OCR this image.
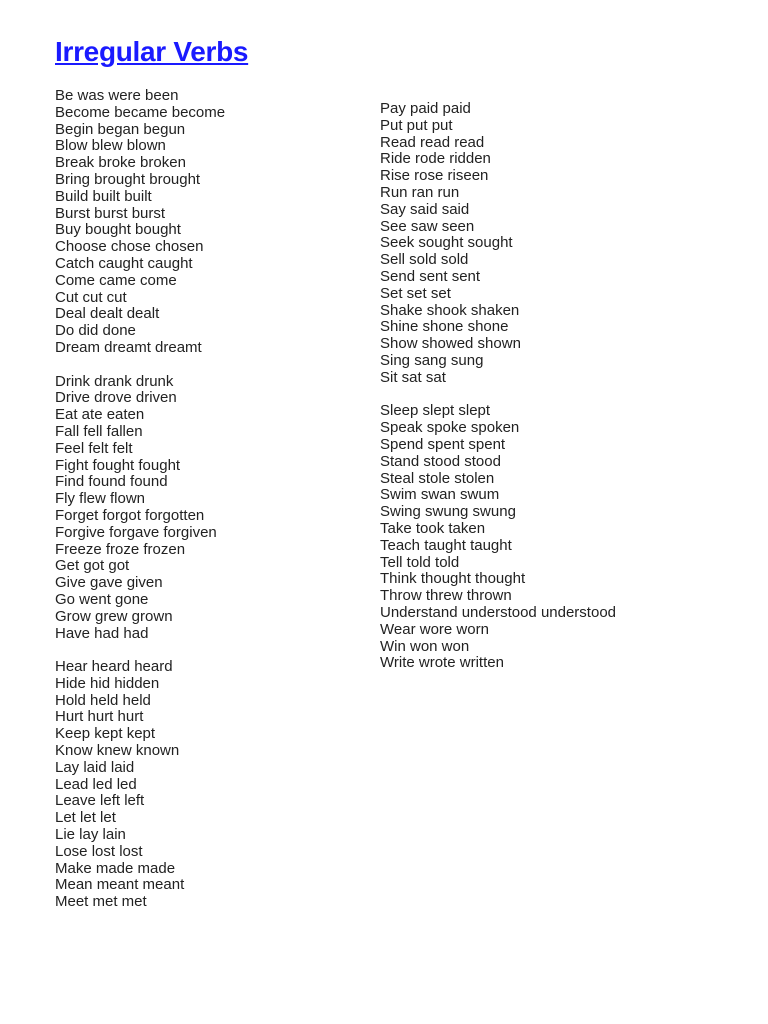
Irregular Verbs
Be was were been
Become became become
Begin began begun
Blow blew blown
Break broke broken
Bring brought brought
Build built built
Burst burst burst
Buy bought bought
Choose chose chosen
Catch caught caught
Come came come
Cut cut cut
Deal dealt dealt
Do did done
Dream dreamt dreamt
Drink drank drunk
Drive drove driven
Eat ate eaten
Fall fell fallen
Feel felt felt
Fight fought fought
Find found found
Fly flew flown
Forget forgot forgotten
Forgive forgave forgiven
Freeze froze frozen
Get got got
Give gave given
Go went gone
Grow grew grown
Have had had
Hear heard heard
Hide hid hidden
Hold held held
Hurt hurt hurt
Keep kept kept
Know knew known
Lay laid laid
Lead led led
Leave left left
Let let let
Lie lay lain
Lose lost lost
Make made made
Mean meant meant
Meet met met
Pay paid paid
Put put put
Read read read
Ride rode ridden
Rise rose riseen
Run ran run
Say said said
See saw seen
Seek sought sought
Sell sold sold
Send sent sent
Set set set
Shake shook shaken
Shine shone shone
Show showed shown
Sing sang sung
Sit sat sat
Sleep slept slept
Speak spoke spoken
Spend spent spent
Stand stood stood
Steal stole stolen
Swim swan swum
Swing swung swung
Take took taken
Teach taught taught
Tell told told
Think thought thought
Throw threw thrown
Understand understood understood
Wear wore worn
Win won won
Write wrote written
